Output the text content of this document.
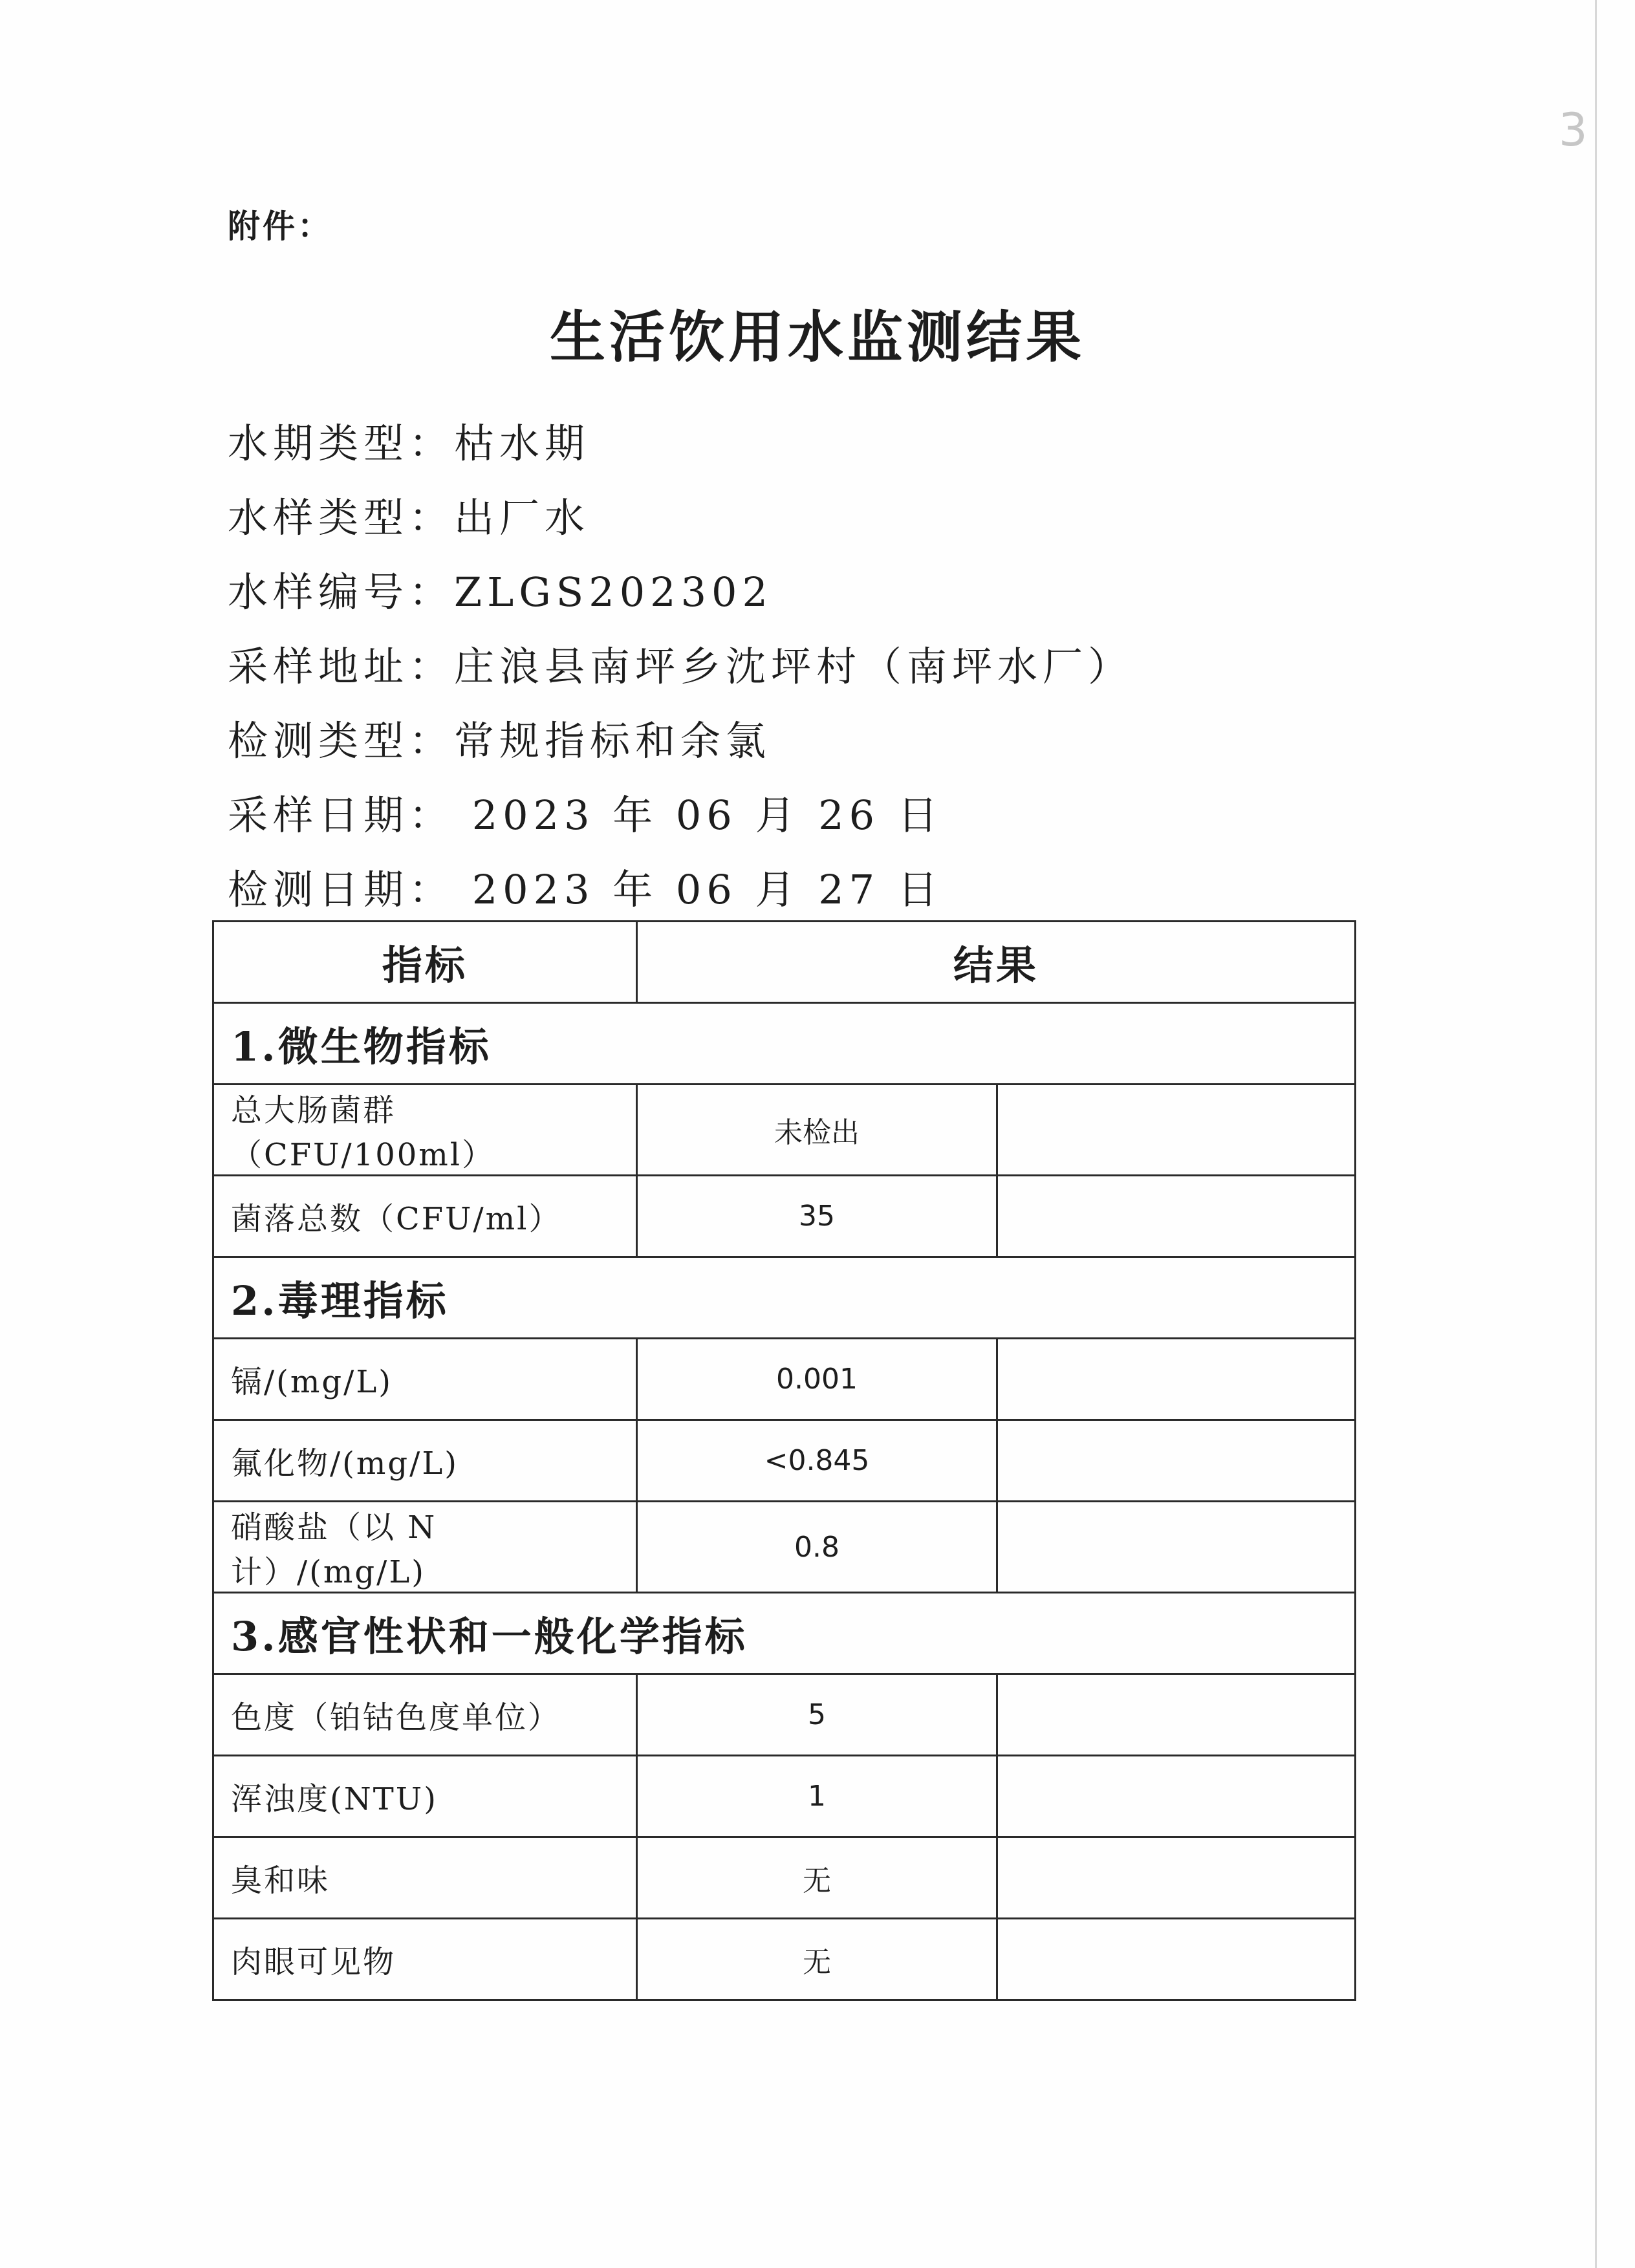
3
附件：
生活饮用水监测结果
水期类型：枯水期
水样类型：出厂水
水样编号：ZLGS202302
采样地址：庄浪县南坪乡沈坪村（南坪水厂）
检测类型：常规指标和余氯
采样日期： 2023 年 06 月 26 日
检测日期： 2023 年 06 月 27 日
指标	结果	
1.微生物指标		
总大肠菌群（CFU/100ml）	未检出	
菌落总数（CFU/ml）	35	
2.毒理指标		
镉/(mg/L)	0.001	
氟化物/(mg/L)	<0.845	
硝酸盐（以 N 计）/(mg/L)	0.8	
3.感官性状和一般化学指标		
色度（铂钴色度单位）	5	
浑浊度(NTU)	1	
臭和味	无	
肉眼可见物	无	
